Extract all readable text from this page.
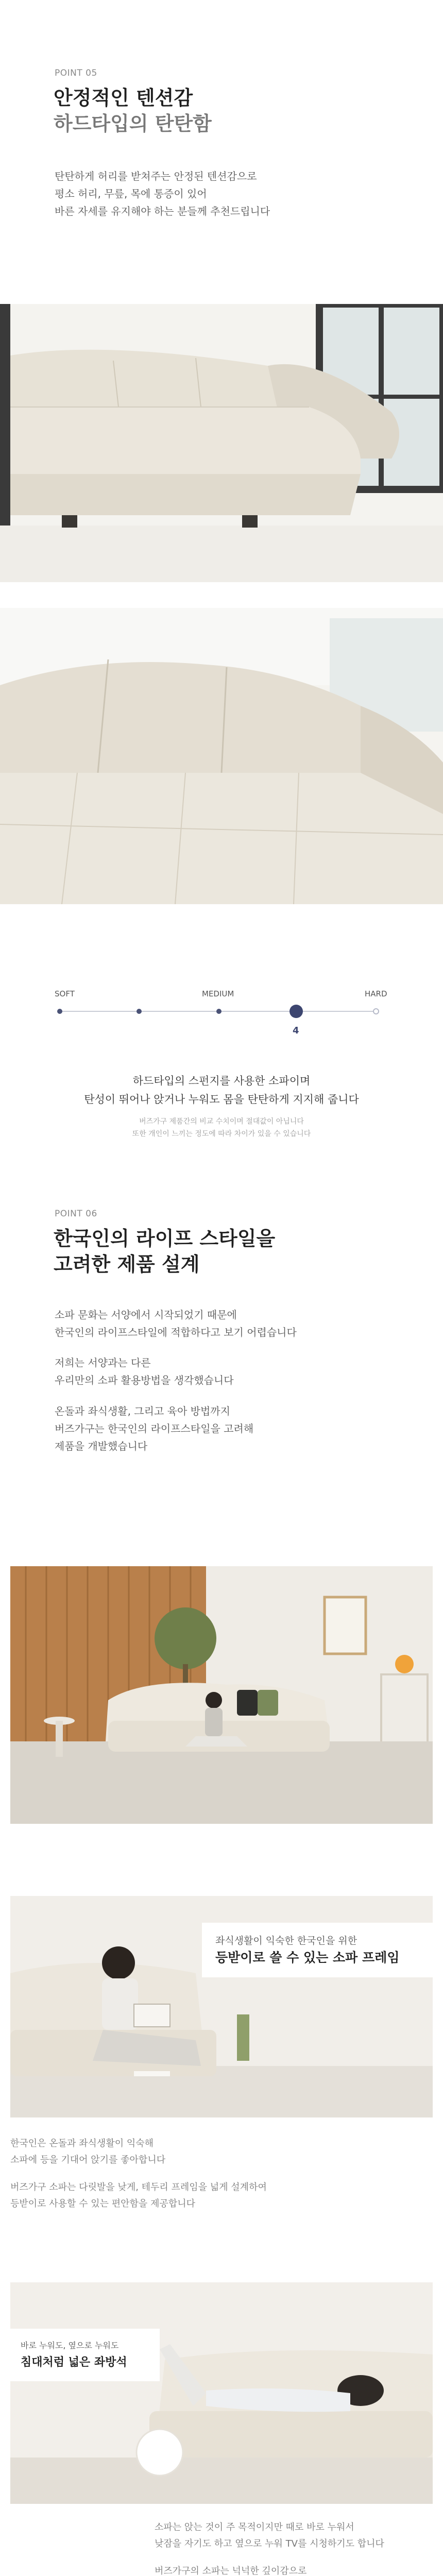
POINT 05
안정적인 텐션감
하드타입의 탄탄함
탄탄하게 허리를 받쳐주는 안정된 텐션감으로
평소 허리, 무릎, 목에 통증이 있어
바른 자세를 유지해야 하는 분들께 추천드립니다
SOFT	MEDIUM	HARD
4
하드타입의 스펀지를 사용한 소파이며
탄성이 뛰어나 앉거나 누워도 몸을 탄탄하게 지지해 줍니다
버즈가구 제품간의 비교 수치이며 절대값이 아닙니다
또한 개인이 느끼는 정도에 따라 차이가 있을 수 있습니다
POINT 06
한국인의 라이프 스타일을
고려한 제품 설계
소파 문화는 서양에서 시작되었기 때문에
한국인의 라이프스타일에 적합하다고 보기 어렵습니다
저희는 서양과는 다른
우리만의 소파 활용방법을 생각했습니다
온돌과 좌식생활, 그리고 육아 방법까지
버즈가구는 한국인의 라이프스타일을 고려해
제품을 개발했습니다
좌식생활이 익숙한 한국인을 위한
등받이로 쓸 수 있는 소파 프레임
한국인은 온돌과 좌식생활이 익숙해
소파에 등을 기대어 앉기를 좋아합니다
버즈가구 소파는 다릿발을 낮게, 테두리 프레임을 넓게 설계하여
등받이로 사용할 수 있는 편안함을 제공합니다
바로 누워도, 옆으로 누워도
침대처럼 넓은 좌방석
소파는 앉는 것이 주 목적이지만 때로 바로 누워서
낮잠을 자기도 하고 옆으로 누워 TV를 시청하기도 합니다
버즈가구의 소파는 넉넉한 깊이감으로
